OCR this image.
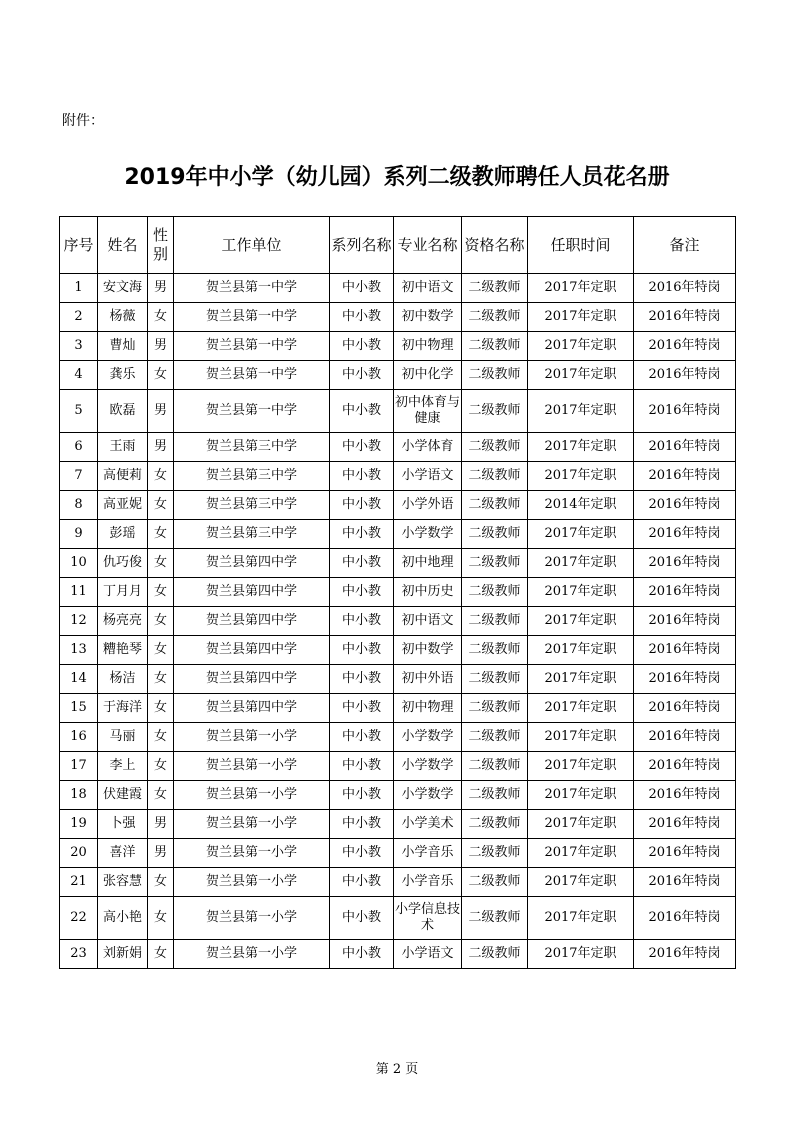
附件：
2019年中小学（幼儿园）系列二级教师聘任人员花名册
序号	姓名	性别	工作单位	系列名称	专业名称	资格名称	任职时间	备注
1	安文海	男	贺兰县第一中学	中小教	初中语文	二级教师	2017年定职	2016年特岗
2	杨薇	女	贺兰县第一中学	中小教	初中数学	二级教师	2017年定职	2016年特岗
3	曹灿	男	贺兰县第一中学	中小教	初中物理	二级教师	2017年定职	2016年特岗
4	龚乐	女	贺兰县第一中学	中小教	初中化学	二级教师	2017年定职	2016年特岗
5	欧磊	男	贺兰县第一中学	中小教	初中体育与健康	二级教师	2017年定职	2016年特岗
6	王雨	男	贺兰县第三中学	中小教	小学体育	二级教师	2017年定职	2016年特岗
7	高便莉	女	贺兰县第三中学	中小教	小学语文	二级教师	2017年定职	2016年特岗
8	高亚妮	女	贺兰县第三中学	中小教	小学外语	二级教师	2014年定职	2016年特岗
9	彭瑶	女	贺兰县第三中学	中小教	小学数学	二级教师	2017年定职	2016年特岗
10	仇巧俊	女	贺兰县第四中学	中小教	初中地理	二级教师	2017年定职	2016年特岗
11	丁月月	女	贺兰县第四中学	中小教	初中历史	二级教师	2017年定职	2016年特岗
12	杨亮亮	女	贺兰县第四中学	中小教	初中语文	二级教师	2017年定职	2016年特岗
13	糟艳琴	女	贺兰县第四中学	中小教	初中数学	二级教师	2017年定职	2016年特岗
14	杨洁	女	贺兰县第四中学	中小教	初中外语	二级教师	2017年定职	2016年特岗
15	于海洋	女	贺兰县第四中学	中小教	初中物理	二级教师	2017年定职	2016年特岗
16	马丽	女	贺兰县第一小学	中小教	小学数学	二级教师	2017年定职	2016年特岗
17	李上	女	贺兰县第一小学	中小教	小学数学	二级教师	2017年定职	2016年特岗
18	伏建霞	女	贺兰县第一小学	中小教	小学数学	二级教师	2017年定职	2016年特岗
19	卜强	男	贺兰县第一小学	中小教	小学美术	二级教师	2017年定职	2016年特岗
20	喜洋	男	贺兰县第一小学	中小教	小学音乐	二级教师	2017年定职	2016年特岗
21	张容慧	女	贺兰县第一小学	中小教	小学音乐	二级教师	2017年定职	2016年特岗
22	高小艳	女	贺兰县第一小学	中小教	小学信息技术	二级教师	2017年定职	2016年特岗
23	刘新娟	女	贺兰县第一小学	中小教	小学语文	二级教师	2017年定职	2016年特岗
第 2 页
